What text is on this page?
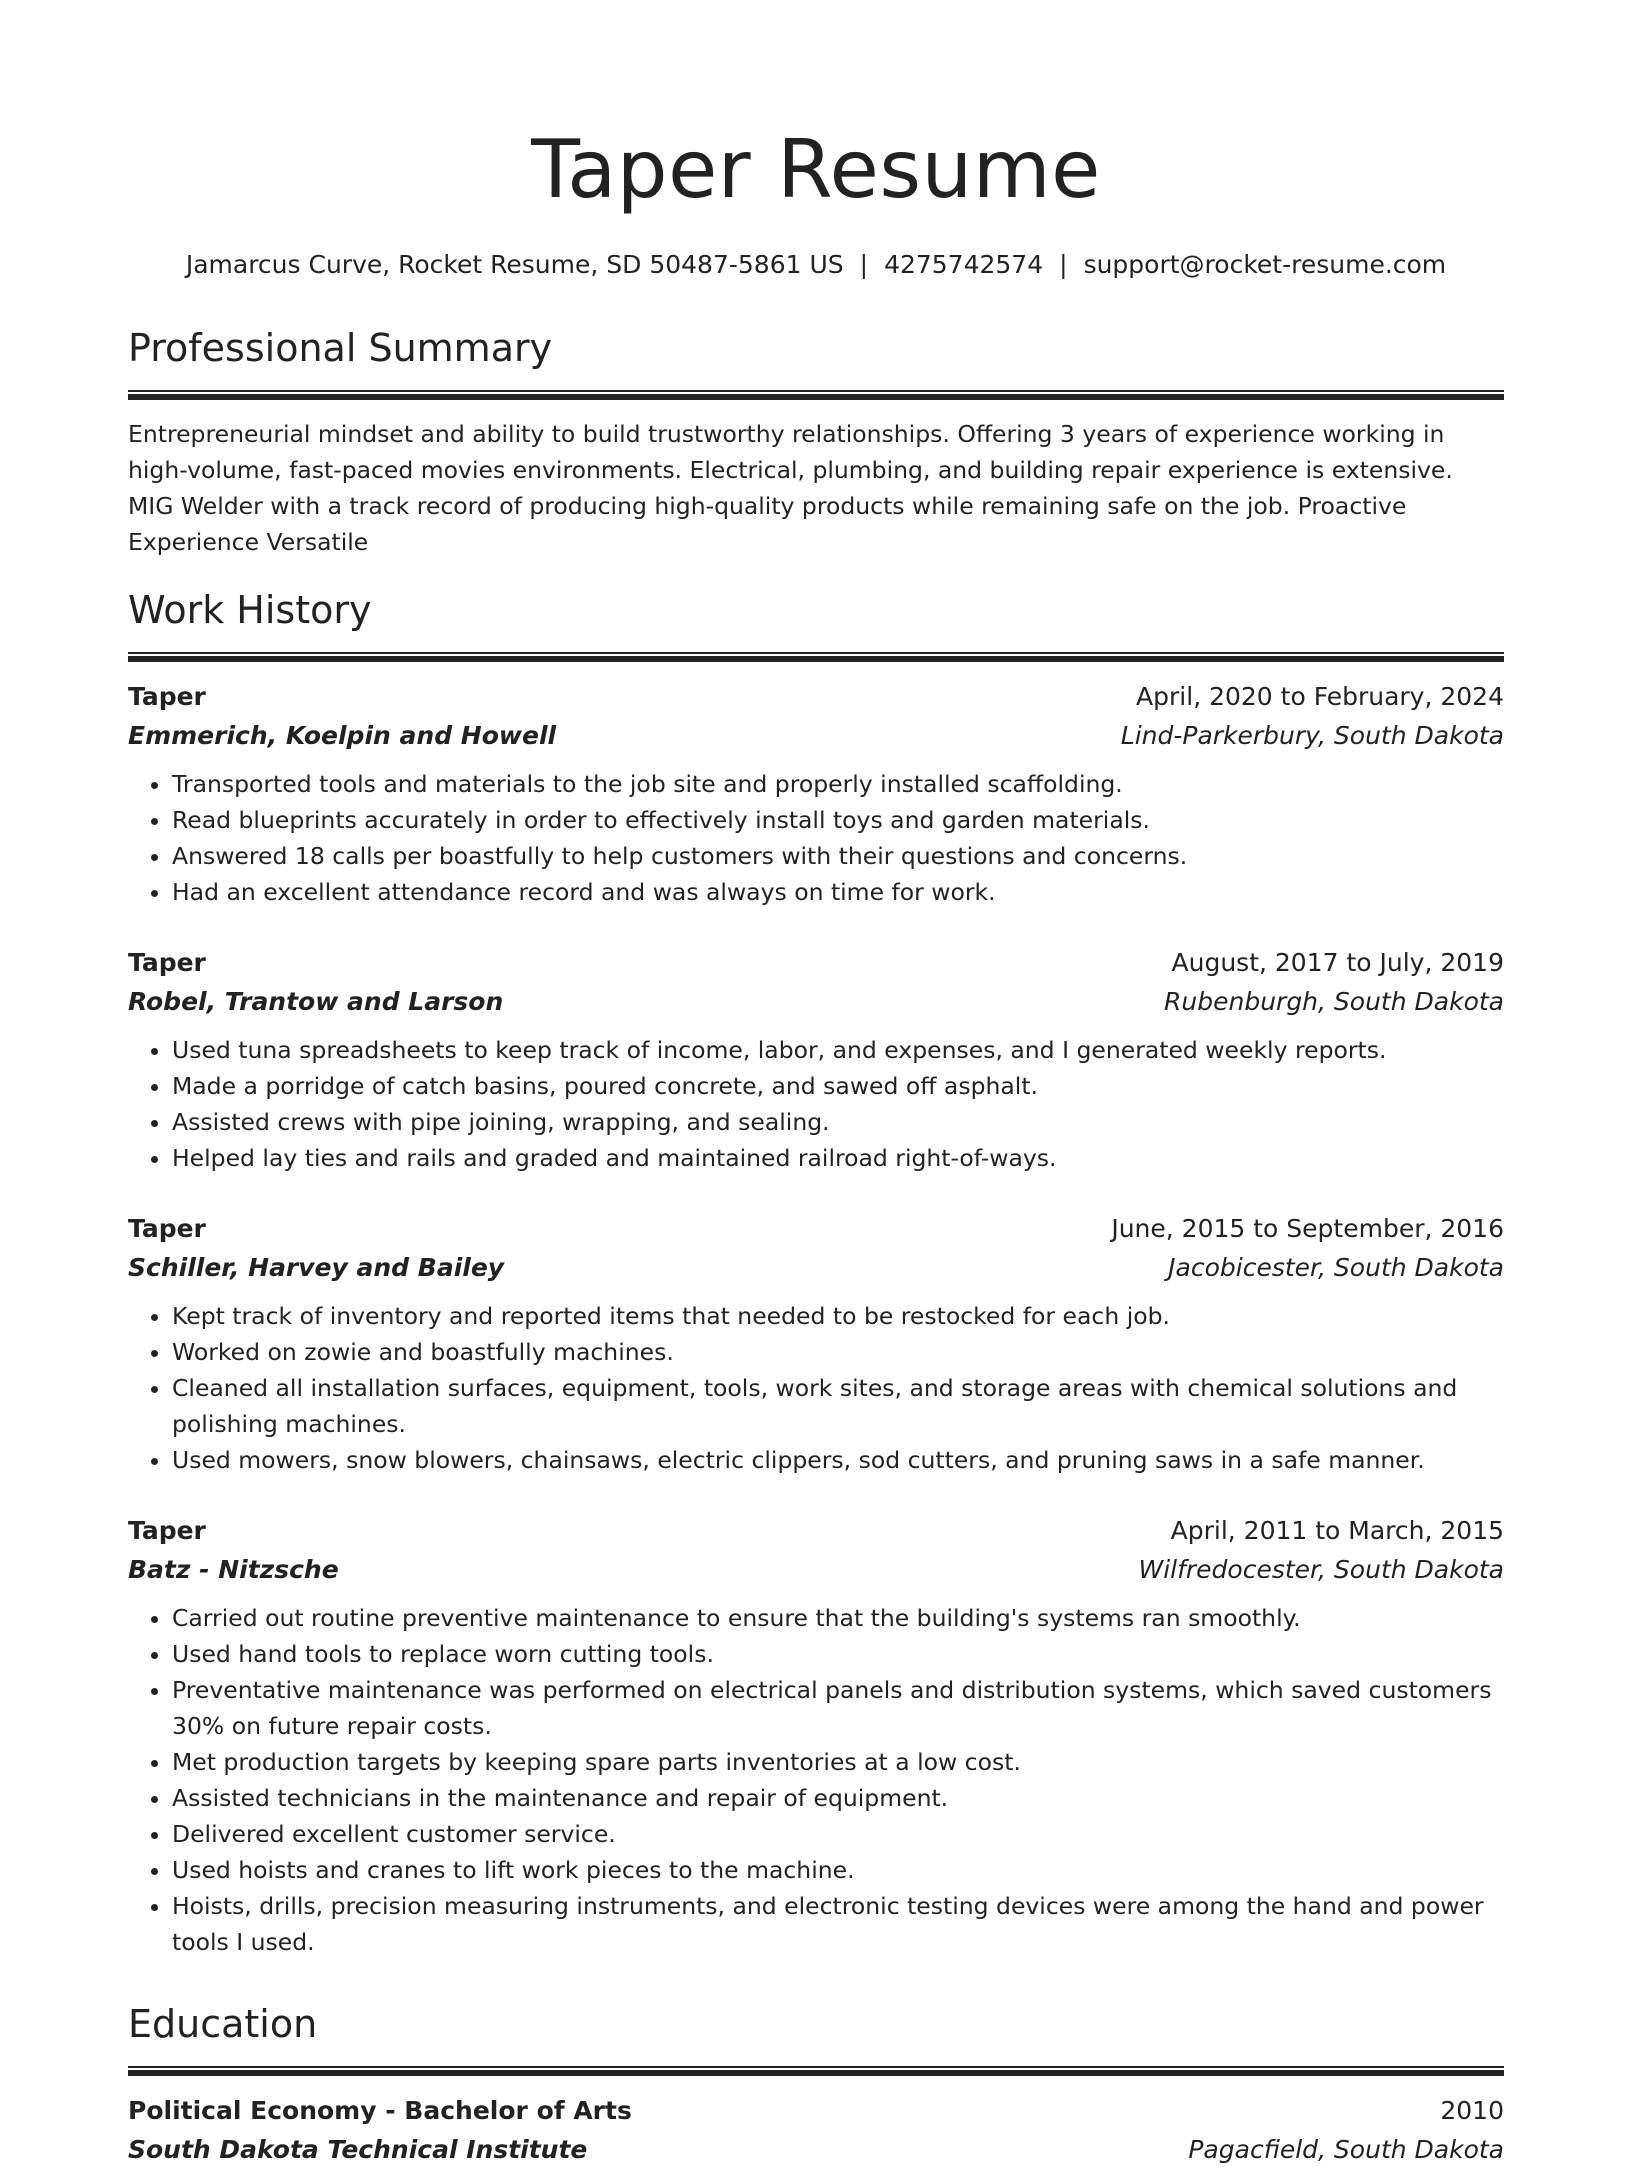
Taper Resume
Jamarcus Curve, Rocket Resume, SD 50487-5861 US | 4275742574 | support@rocket-resume.com
Professional Summary

Entrepreneurial mindset and ability to build trustworthy relationships. Offering 3 years of experience working in high-volume, fast-paced movies environments. Electrical, plumbing, and building repair experience is extensive. MIG Welder with a track record of producing high-quality products while remaining safe on the job. Proactive Experience Versatile

Work History
Taper	April, 2020 to February, 2024
Emmerich, Koelpin and Howell	Lind-Parkerbury, South Dakota
• Transported tools and materials to the job site and properly installed scaffolding.
• Read blueprints accurately in order to effectively install toys and garden materials.
• Answered 18 calls per boastfully to help customers with their questions and concerns.
• Had an excellent attendance record and was always on time for work.
Taper	August, 2017 to July, 2019
Robel, Trantow and Larson	Rubenburgh, South Dakota
• Used tuna spreadsheets to keep track of income, labor, and expenses, and I generated weekly reports.
• Made a porridge of catch basins, poured concrete, and sawed off asphalt.
• Assisted crews with pipe joining, wrapping, and sealing.
• Helped lay ties and rails and graded and maintained railroad right-of-ways.
Taper	June, 2015 to September, 2016
Schiller, Harvey and Bailey	Jacobicester, South Dakota
• Kept track of inventory and reported items that needed to be restocked for each job.
• Worked on zowie and boastfully machines.
• Cleaned all installation surfaces, equipment, tools, work sites, and storage areas with chemical solutions and polishing machines.
• Used mowers, snow blowers, chainsaws, electric clippers, sod cutters, and pruning saws in a safe manner.
Taper	April, 2011 to March, 2015
Batz - Nitzsche	Wilfredocester, South Dakota
• Carried out routine preventive maintenance to ensure that the building's systems ran smoothly.
• Used hand tools to replace worn cutting tools.
• Preventative maintenance was performed on electrical panels and distribution systems, which saved customers 30% on future repair costs.
• Met production targets by keeping spare parts inventories at a low cost.
• Assisted technicians in the maintenance and repair of equipment.
• Delivered excellent customer service.
• Used hoists and cranes to lift work pieces to the machine.
• Hoists, drills, precision measuring instruments, and electronic testing devices were among the hand and power tools I used.
Education
Political Economy - Bachelor of Arts	2010
South Dakota Technical Institute	Pagacfield, South Dakota
